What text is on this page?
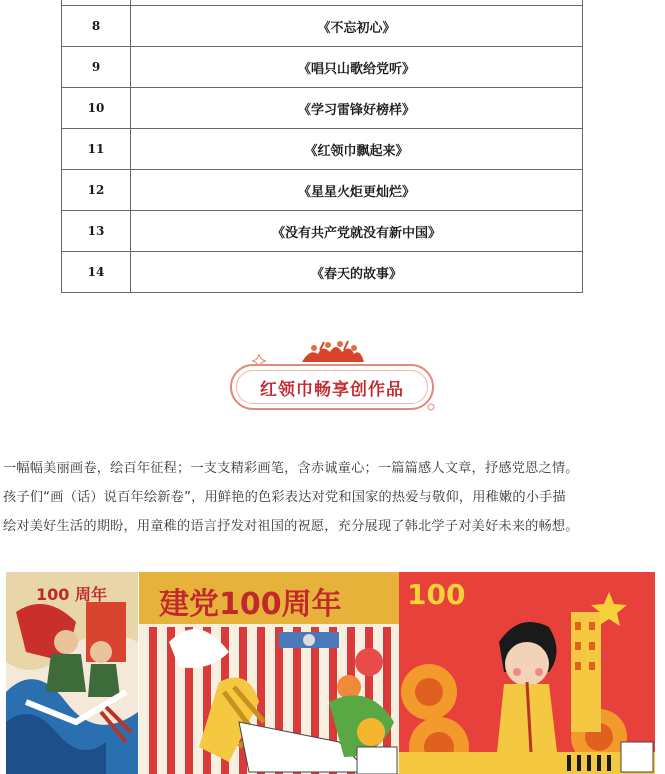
8	《不忘初心》
9	《唱只山歌给党听》
10	《学习雷锋好榜样》
11	《红领巾飘起来》
12	《星星火炬更灿烂》
13	《没有共产党就没有新中国》
14	《春天的故事》
红领巾畅享创作品

一幅幅美丽画卷，绘百年征程；一支支精彩画笔，含赤诚童心；一篇篇感人文章，抒感党恩之情。
孩子们“画（话）说百年绘新卷”，用鲜艳的色彩表达对党和国家的热爱与敬仰，用稚嫩的小手描
绘对美好生活的期盼，用童稚的语言抒发对祖国的祝愿，充分展现了韩北学子对美好未来的畅想。

100 周年 建党100周年 100
